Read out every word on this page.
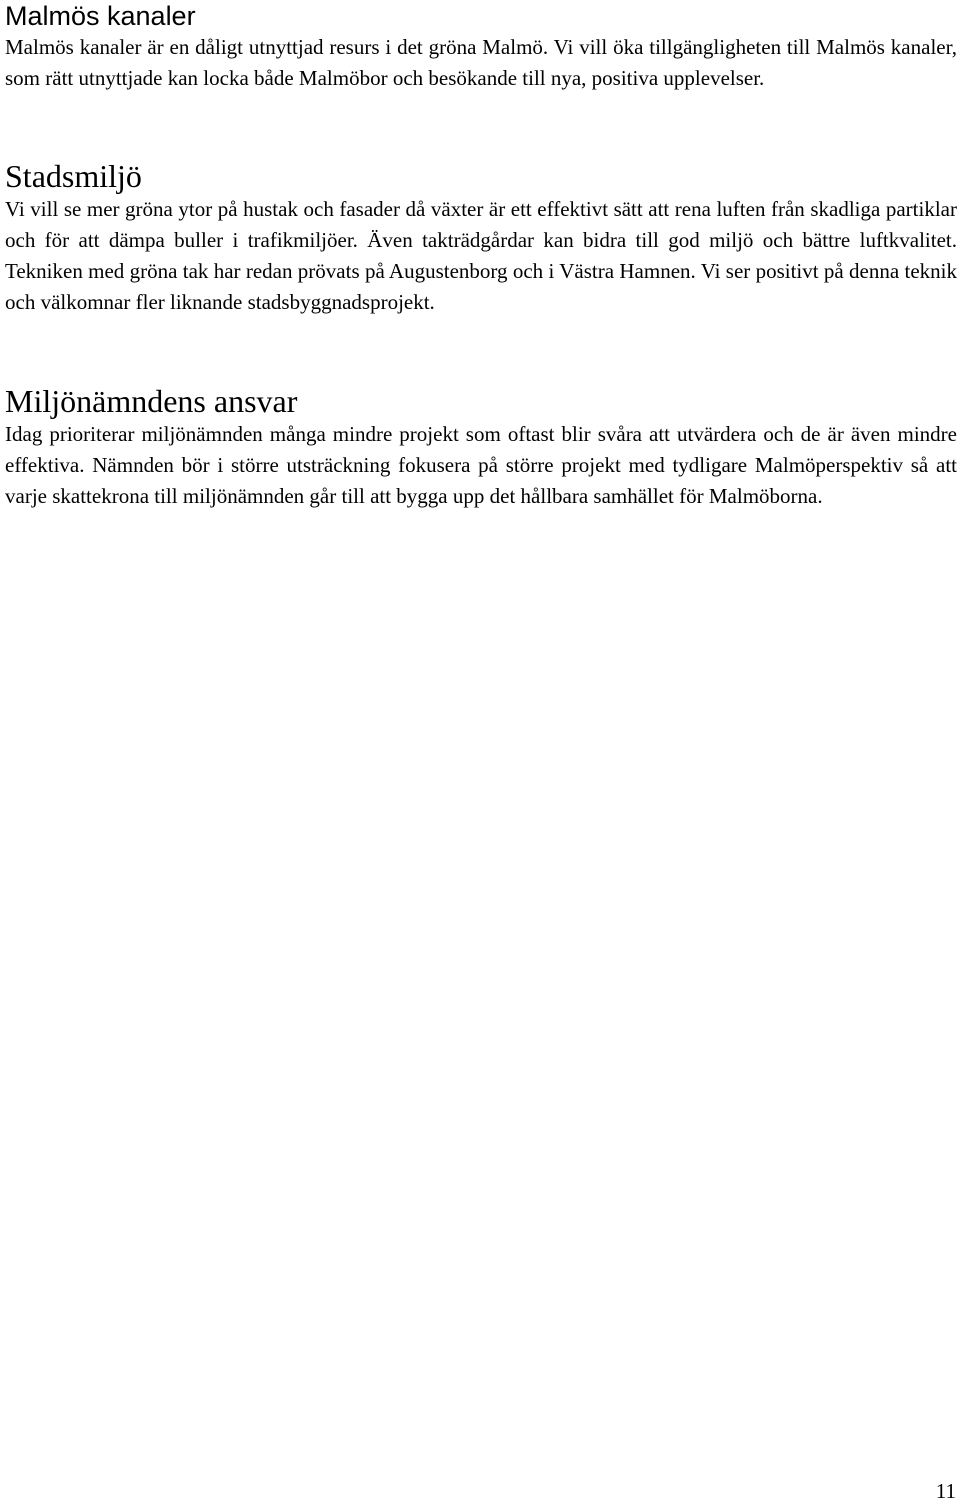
Malmös kanaler

Malmös kanaler är en dåligt utnyttjad resurs i det gröna Malmö. Vi vill öka tillgängligheten till Malmös kanaler, som rätt utnyttjade kan locka både Malmöbor och besökande till nya, positiva upplevelser.

Stadsmiljö

Vi vill se mer gröna ytor på hustak och fasader då växter är ett effektivt sätt att rena luften från skadliga partiklar och för att dämpa buller i trafikmiljöer. Även takträdgårdar kan bidra till god miljö och bättre luftkvalitet. Tekniken med gröna tak har redan prövats på Augustenborg och i Västra Hamnen. Vi ser positivt på denna teknik och välkomnar fler liknande stadsbyggnadsprojekt.

Miljönämndens ansvar

Idag prioriterar miljönämnden många mindre projekt som oftast blir svåra att utvärdera och de är även mindre effektiva. Nämnden bör i större utsträckning fokusera på större projekt med tydligare Malmöperspektiv så att varje skattekrona till miljönämnden går till att bygga upp det hållbara samhället för Malmöborna.

11
